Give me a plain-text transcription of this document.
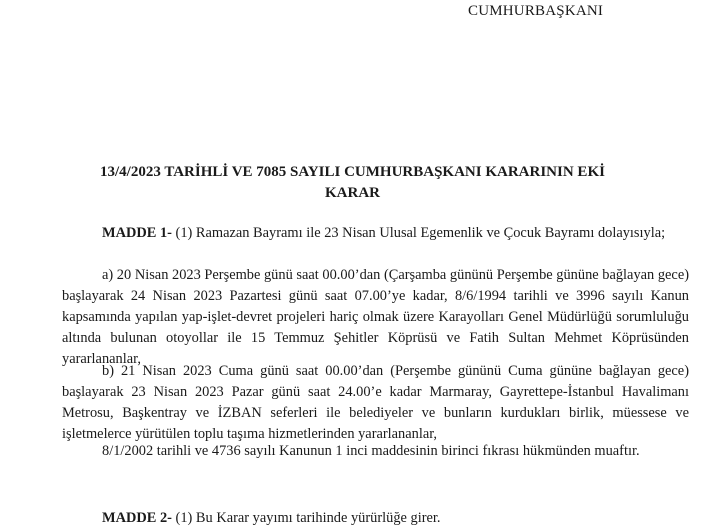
CUMHURBAŞKANI
13/4/2023 TARİHLİ VE 7085 SAYILI CUMHURBAŞKANI KARARININ EKİ
KARAR

MADDE 1- (1) Ramazan Bayramı ile 23 Nisan Ulusal Egemenlik ve Çocuk Bayramı dolayısıyla;

a) 20 Nisan 2023 Perşembe günü saat 00.00’dan (Çarşamba gününü Perşembe gününe bağlayan gece) başlayarak 24 Nisan 2023 Pazartesi günü saat 07.00’ye kadar, 8/6/1994 tarihli ve 3996 sayılı Kanun kapsamında yapılan yap-işlet-devret projeleri hariç olmak üzere Karayolları Genel Müdürlüğü sorumluluğu altında bulunan otoyollar ile 15 Temmuz Şehitler Köprüsü ve Fatih Sultan Mehmet Köprüsünden yararlananlar,

b) 21 Nisan 2023 Cuma günü saat 00.00’dan (Perşembe gününü Cuma gününe bağlayan gece) başlayarak 23 Nisan 2023 Pazar günü saat 24.00’e kadar Marmaray, Gayrettepe-İstanbul Havalimanı Metrosu, Başkentray ve İZBAN seferleri ile belediyeler ve bunların kurdukları birlik, müessese ve işletmelerce yürütülen toplu taşıma hizmetlerinden yararlananlar,

8/1/2002 tarihli ve 4736 sayılı Kanunun 1 inci maddesinin birinci fıkrası hükmünden muaftır.

MADDE 2- (1) Bu Karar yayımı tarihinde yürürlüğe girer.
